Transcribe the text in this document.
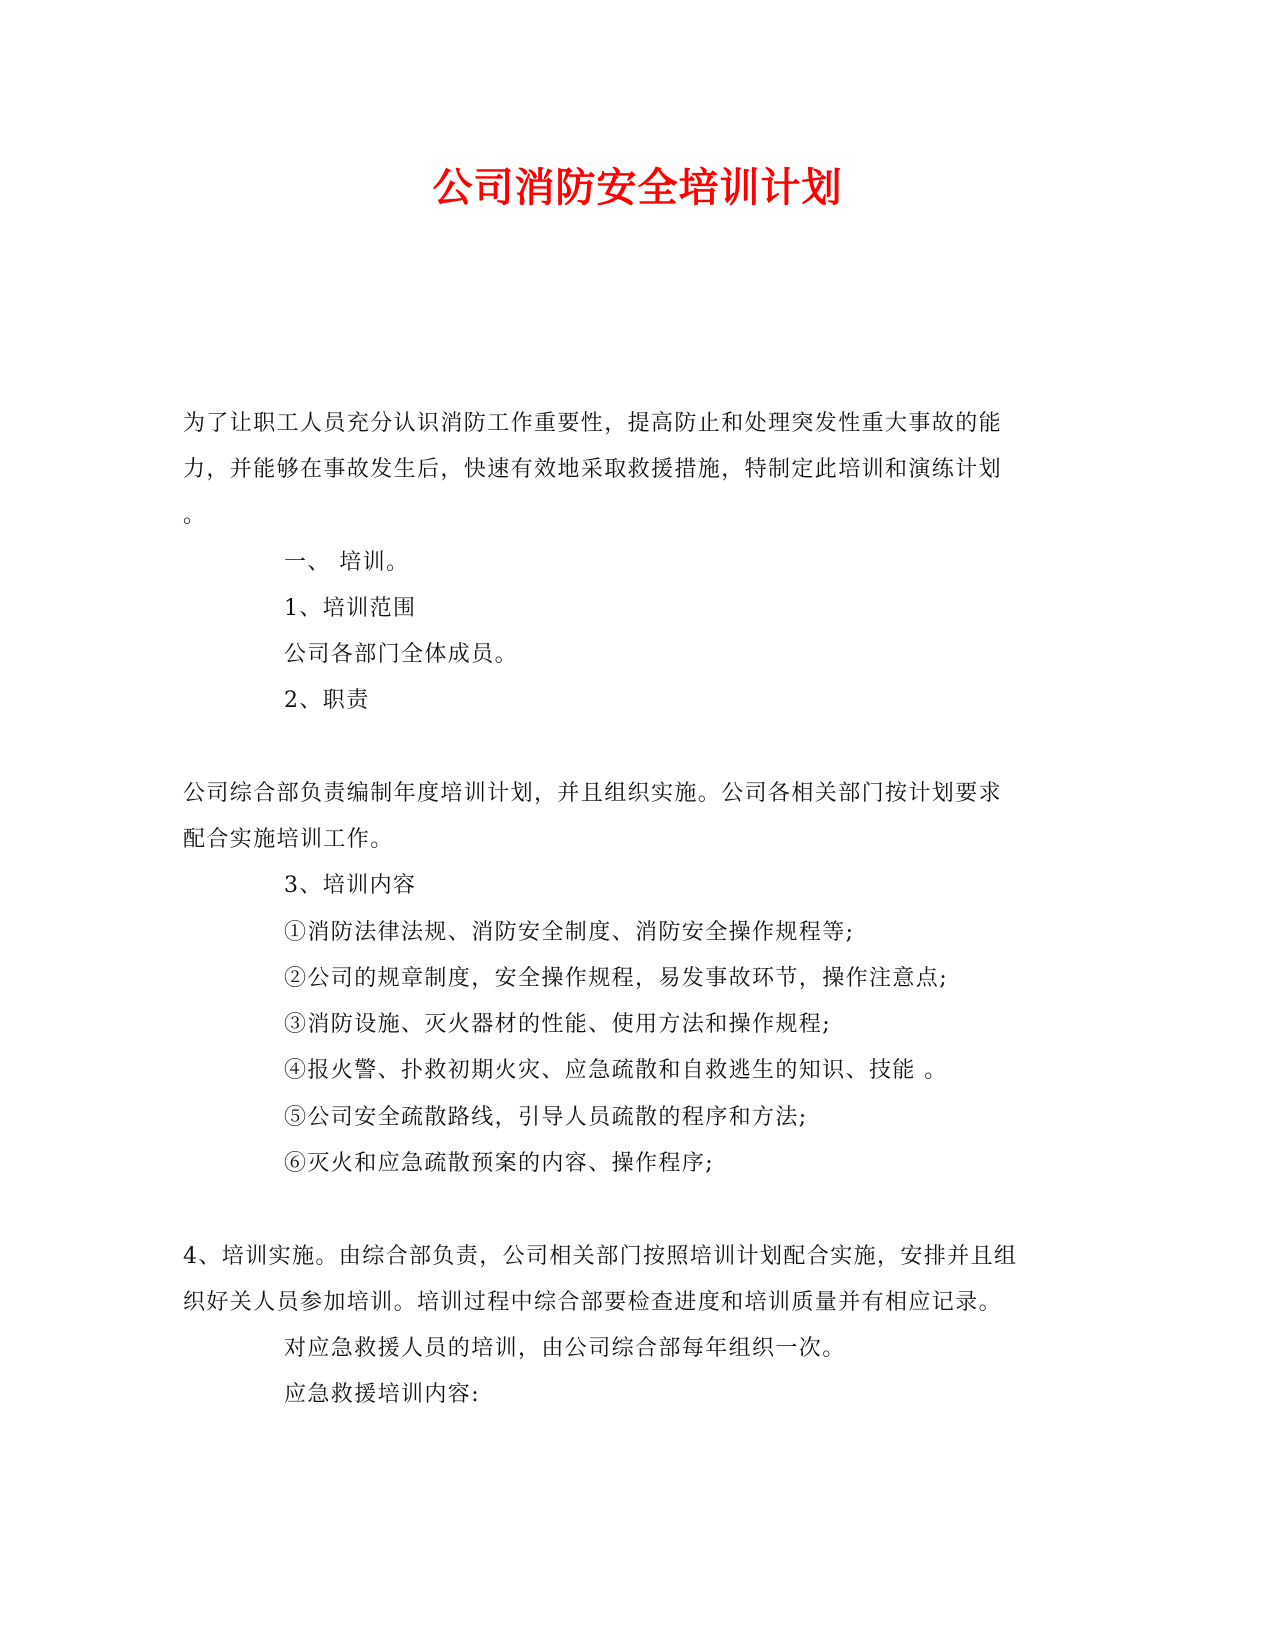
公司消防安全培训计划
为了让职工人员充分认识消防工作重要性，提高防止和处理突发性重大事故的能
力，并能够在事故发生后，快速有效地采取救援措施，特制定此培训和演练计划
。
一、 培训。
1、培训范围
公司各部门全体成员。
2、职责
公司综合部负责编制年度培训计划，并且组织实施。公司各相关部门按计划要求
配合实施培训工作。
3、培训内容
①消防法律法规、消防安全制度、消防安全操作规程等;
②公司的规章制度，安全操作规程，易发事故环节，操作注意点;
③消防设施、灭火器材的性能、使用方法和操作规程;
④报火警、扑救初期火灾、应急疏散和自救逃生的知识、技能 。
⑤公司安全疏散路线，引导人员疏散的程序和方法;
⑥灭火和应急疏散预案的内容、操作程序;
4、培训实施。由综合部负责，公司相关部门按照培训计划配合实施，安排并且组
织好关人员参加培训。培训过程中综合部要检查进度和培训质量并有相应记录。
对应急救援人员的培训，由公司综合部每年组织一次。
应急救援培训内容:
